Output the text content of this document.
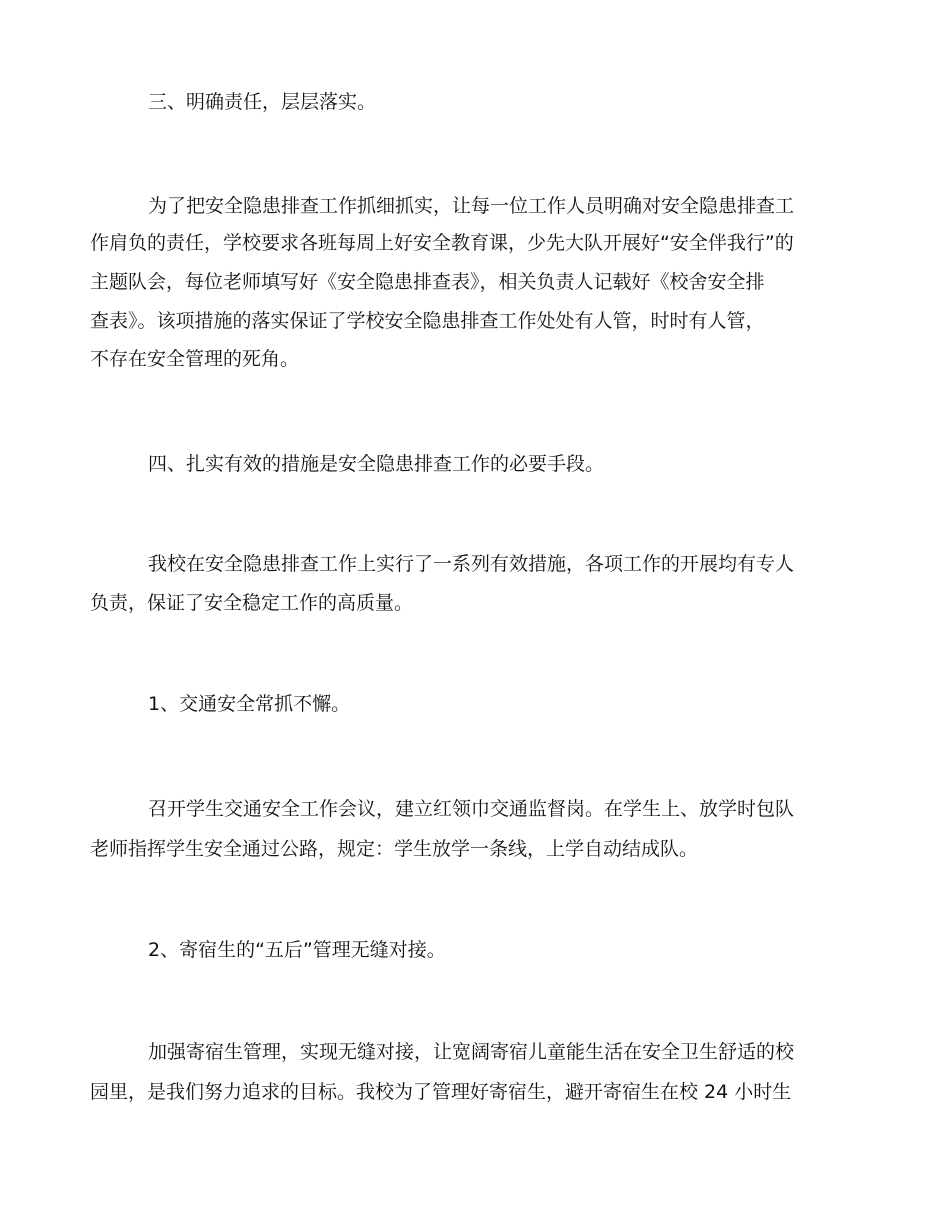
三、明确责任，层层落实。
为了把安全隐患排查工作抓细抓实，让每一位工作人员明确对安全隐患排查工
作肩负的责任，学校要求各班每周上好安全教育课，少先大队开展好“安全伴我行”的
主题队会，每位老师填写好《安全隐患排查表》，相关负责人记载好《校舍安全排
查表》。该项措施的落实保证了学校安全隐患排查工作处处有人管，时时有人管，
不存在安全管理的死角。
四、扎实有效的措施是安全隐患排查工作的必要手段。
我校在安全隐患排查工作上实行了一系列有效措施，各项工作的开展均有专人
负责，保证了安全稳定工作的高质量。
1、交通安全常抓不懈。
召开学生交通安全工作会议，建立红领巾交通监督岗。在学生上、放学时包队
老师指挥学生安全通过公路，规定：学生放学一条线，上学自动结成队。
2、寄宿生的“五后”管理无缝对接。
加强寄宿生管理，实现无缝对接，让宽阔寄宿儿童能生活在安全卫生舒适的校
园里，是我们努力追求的目标。我校为了管理好寄宿生，避开寄宿生在校 24 小时生
